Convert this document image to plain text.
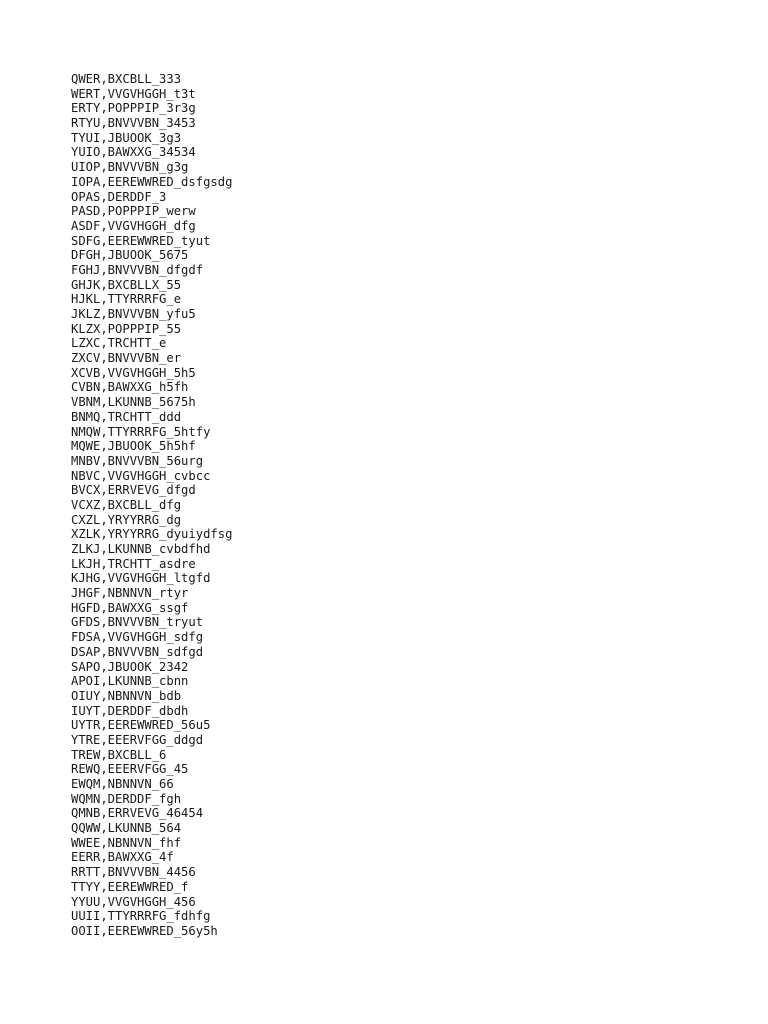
QWER,BXCBLL_333
WERT,VVGVHGGH_t3t
ERTY,POPPPIP_3r3g
RTYU,BNVVVBN_3453
TYUI,JBUOOK_3g3
YUIO,BAWXXG_34534
UIOP,BNVVVBN_g3g
IOPA,EEREWWRED_dsfgsdg
OPAS,DERDDF_3
PASD,POPPPIP_werw
ASDF,VVGVHGGH_dfg
SDFG,EEREWWRED_tyut
DFGH,JBUOOK_5675
FGHJ,BNVVVBN_dfgdf
GHJK,BXCBLLX_55
HJKL,TTYRRRFG_e
JKLZ,BNVVVBN_yfu5
KLZX,POPPPIP_55
LZXC,TRCHTT_e
ZXCV,BNVVVBN_er
XCVB,VVGVHGGH_5h5
CVBN,BAWXXG_h5fh
VBNM,LKUNNB_5675h
BNMQ,TRCHTT_ddd
NMQW,TTYRRRFG_5htfy
MQWE,JBUOOK_5h5hf
MNBV,BNVVVBN_56urg
NBVC,VVGVHGGH_cvbcc
BVCX,ERRVEVG_dfgd
VCXZ,BXCBLL_dfg
CXZL,YRYYRRG_dg
XZLK,YRYYRRG_dyuiydfsg
ZLKJ,LKUNNB_cvbdfhd
LKJH,TRCHTT_asdre
KJHG,VVGVHGGH_ltgfd
JHGF,NBNNVN_rtyr
HGFD,BAWXXG_ssgf
GFDS,BNVVVBN_tryut
FDSA,VVGVHGGH_sdfg
DSAP,BNVVVBN_sdfgd
SAPO,JBUOOK_2342
APOI,LKUNNB_cbnn
OIUY,NBNNVN_bdb
IUYT,DERDDF_dbdh
UYTR,EEREWWRED_56u5
YTRE,EEERVFGG_ddgd
TREW,BXCBLL_6
REWQ,EEERVFGG_45
EWQM,NBNNVN_66
WQMN,DERDDF_fgh
QMNB,ERRVEVG_46454
QQWW,LKUNNB_564
WWEE,NBNNVN_fhf
EERR,BAWXXG_4f
RRTT,BNVVVBN_4456
TTYY,EEREWWRED_f
YYUU,VVGVHGGH_456
UUII,TTYRRRFG_fdhfg
OOII,EEREWWRED_56y5h
